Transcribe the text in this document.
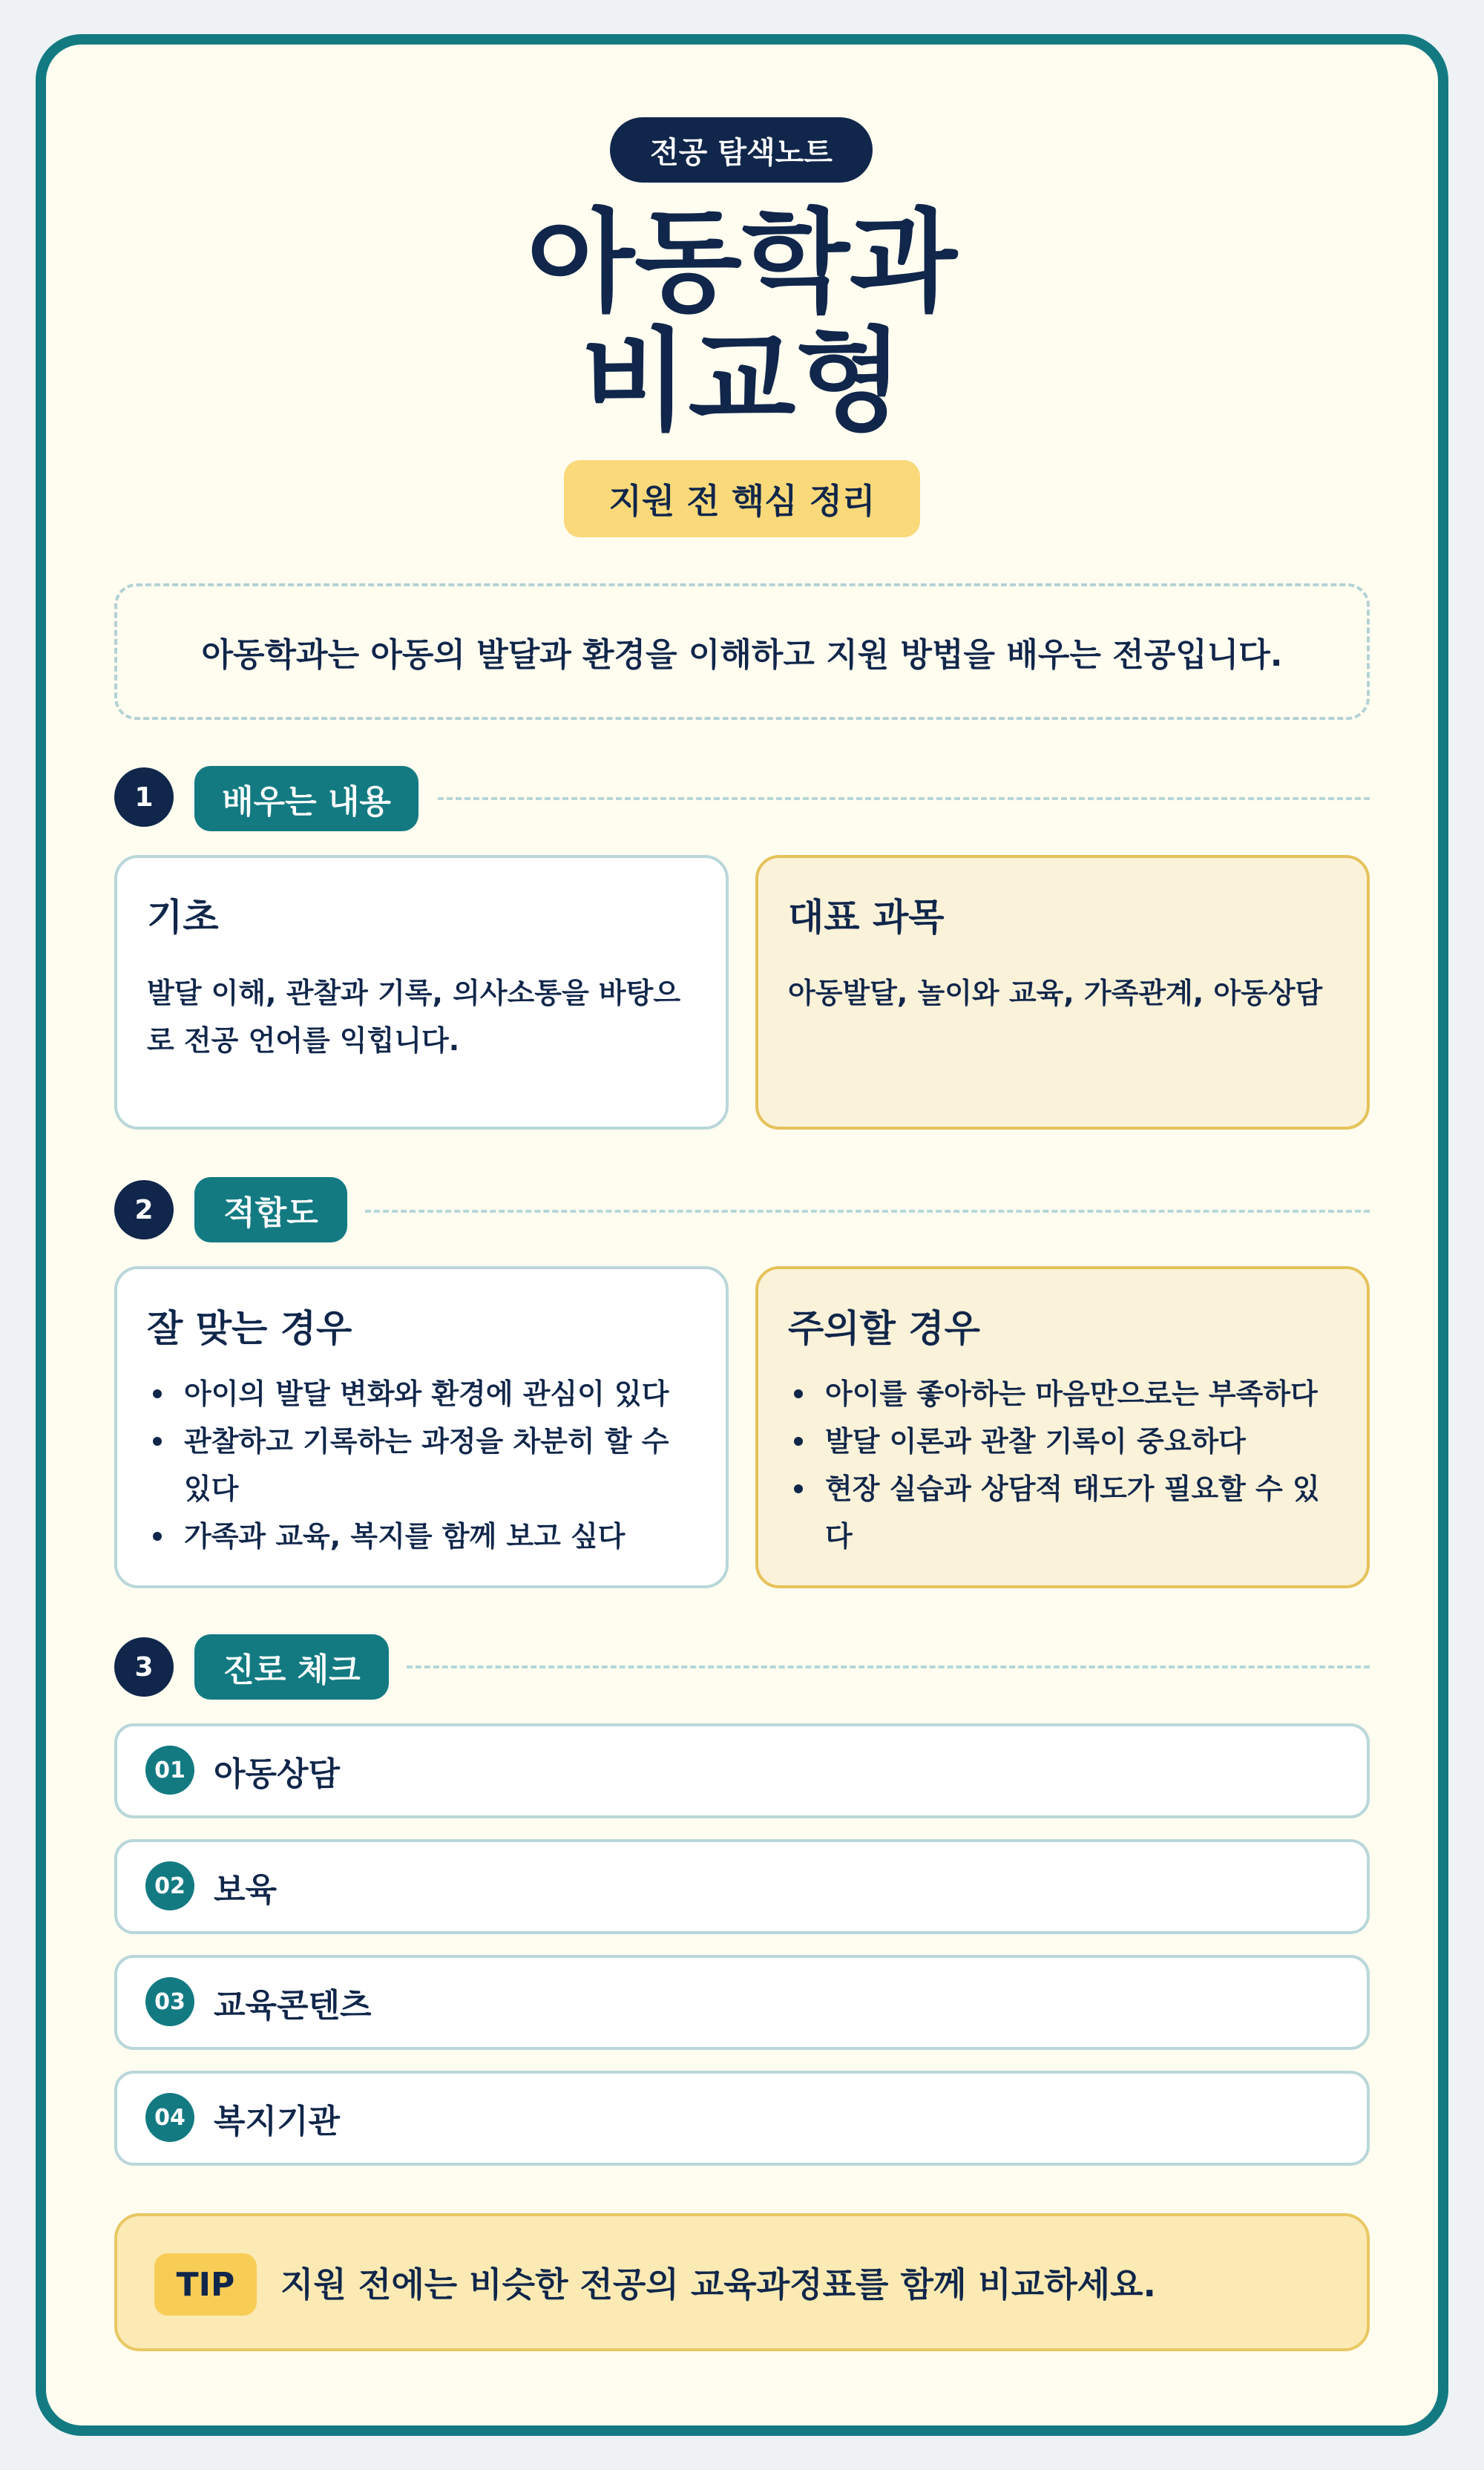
전공 탐색노트
아동학과
비교형
지원 전 핵심 정리
아동학과는 아동의 발달과 환경을 이해하고 지원 방법을 배우는 전공입니다.
1	배우는 내용
기초
발달 이해, 관찰과 기록, 의사소통을 바탕으로 전공 언어를 익힙니다.
대표 과목
아동발달, 놀이와 교육, 가족관계, 아동상담
2	적합도
잘 맞는 경우
아이의 발달 변화와 환경에 관심이 있다
관찰하고 기록하는 과정을 차분히 할 수 있다
가족과 교육, 복지를 함께 보고 싶다
주의할 경우
아이를 좋아하는 마음만으로는 부족하다
발달 이론과 관찰 기록이 중요하다
현장 실습과 상담적 태도가 필요할 수 있다
3	진로 체크
01 아동상담
02 보육
03 교육콘텐츠
04 복지기관
TIP	지원 전에는 비슷한 전공의 교육과정표를 함께 비교하세요.
